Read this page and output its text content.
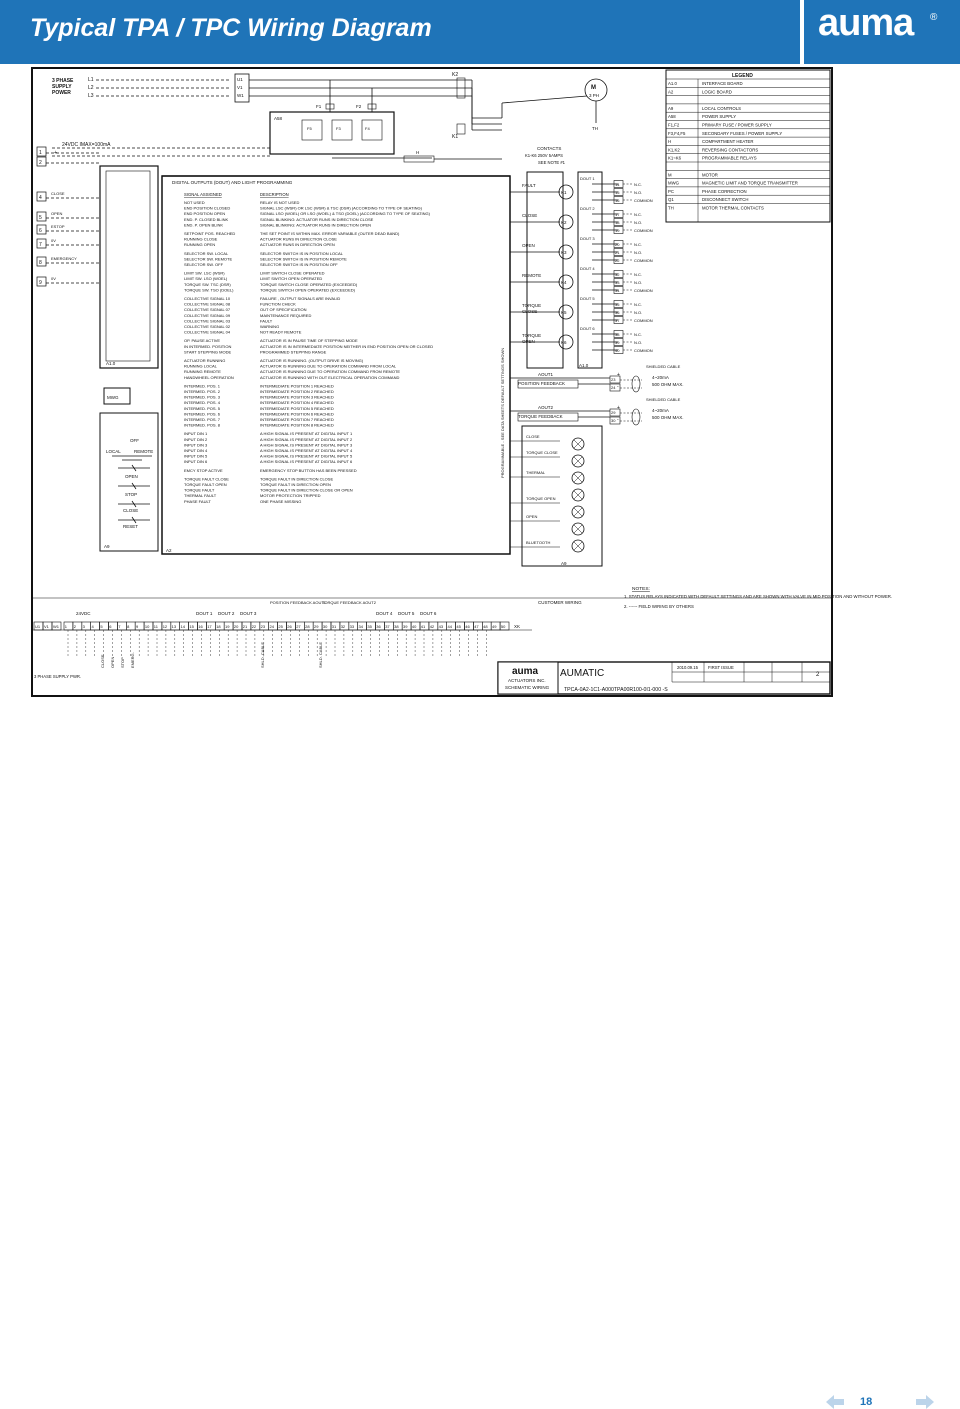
Typical TPA / TPC Wiring Diagram	auma ®
3 PHASE
SUPPLY
POWER
L1
L2
L3
U1
V1
W1
K2
K1
M
3 PH
TH
F1	F2
A58
F5	F3	F4
H
24VDC IMAX=100mA
+
1
2
4
CLOSE
5
OPEN
6
ESTOP
7
0V
8
EMERGENCY
9
0V
A1.0
MWG
OFF
LOCAL	REMOTE
OPEN
STOP
CLOSE
RESET
A9
A2
DIGITAL OUTPUTS (DOUT) AND LIGHT PROGRAMMING
SIGNAL ASSIGNED	DESCRIPTION
NOT USED	RELAY IS NOT USED
END POSITION CLOSED	SIGNAL LSC (WSR) OR LSC (WSR) & TSC (DSR) (ACCORDING TO TYPE OF SEATING)
END POSITION OPEN	SIGNAL LSO (WOEL) OR LSO (WOEL) & TSO (DOEL) (ACCORDING TO TYPE OF SEATING)
END. P. CLOSED BLINK	SIGNAL BLINKING: ACTUATOR RUNS IN DIRECTION CLOSE
END. P. OPEN BLINK	SIGNAL BLINKING: ACTUATOR RUNS IN DIRECTION OPEN
SETPOINT POS. REACHED	THE SET POINT IS WITHIN MAX. ERROR VARIABLE (OUTER DEAD BAND)
RUNNING CLOSE	ACTUATOR RUNS IN DIRECTION CLOSE
RUNNING OPEN	ACTUATOR RUNS IN DIRECTION OPEN
SELECTOR SW. LOCAL	SELECTOR SWITCH IS IN POSITION LOCAL
SELECTOR SW. REMOTE	SELECTOR SWITCH IS IN POSITION REMOTE
SELECTOR SW. OFF	SELECTOR SWITCH IS IN POSITION OFF
LIMIT SW. LSC (WSR)	LIMIT SWITCH CLOSE OPERATED
LIMIT SW. LSO (WOEL)	LIMIT SWITCH OPEN OPERATED
TORQUE SW. TSC (DSR)	TORQUE SWITCH CLOSE OPERATED (EXCEEDED)
TORQUE SW. TSO (DOEL)	TORQUE SWITCH OPEN OPERATED (EXCEEDED)
COLLECTIVE SIGNAL 10	FAILURE , OUTPUT SIGNALS ARE INVALID
COLLECTIVE SIGNAL 08	FUNCTION CHECK
COLLECTIVE SIGNAL 07	OUT OF SPECIFICATION
COLLECTIVE SIGNAL 09	MAINTENANCE REQUIRED
COLLECTIVE SIGNAL 03	FAULT
COLLECTIVE SIGNAL 02	WARNING
COLLECTIVE SIGNAL 04	NOT READY REMOTE
OP. PAUSE ACTIVE	ACTUATOR IS IN PAUSE TIME OF STEPPING MODE
IN INTERMED. POSITION	ACTUATOR IS IN INTERMEDIATE POSITION NEITHER IN END POSITION OPEN OR CLOSED
START STEPPING MODE	PROGRAMMED STEPPING RANGE
ACTUATOR RUNNING	ACTUATOR IS RUNNING. (OUTPUT DRIVE IS MOVING)
RUNNING LOCAL	ACTUATOR IS RUNNING DUE TO OPERATION COMMAND FROM LOCAL
RUNNING REMOTE	ACTUATOR IS RUNNING DUE TO OPERATION COMMAND FROM REMOTE
HANDWHEEL OPERATION	ACTUATOR IS RUNNING WITH OUT ELECTRICAL OPERATION COMMAND
INTERMED. POS. 1	INTERMEDIATE POSITION 1 REACHED
INTERMED. POS. 2	INTERMEDIATE POSITION 2 REACHED
INTERMED. POS. 3	INTERMEDIATE POSITION 3 REACHED
INTERMED. POS. 4	INTERMEDIATE POSITION 4 REACHED
INTERMED. POS. 5	INTERMEDIATE POSITION 5 REACHED
INTERMED. POS. 6	INTERMEDIATE POSITION 6 REACHED
INTERMED. POS. 7	INTERMEDIATE POSITION 7 REACHED
INTERMED. POS. 8	INTERMEDIATE POSITION 8 REACHED
INPUT DIN 1	A HIGH SIGNAL IS PRESENT AT DIGITAL INPUT 1
INPUT DIN 2	A HIGH SIGNAL IS PRESENT AT DIGITAL INPUT 2
INPUT DIN 3	A HIGH SIGNAL IS PRESENT AT DIGITAL INPUT 3
INPUT DIN 4	A HIGH SIGNAL IS PRESENT AT DIGITAL INPUT 4
INPUT DIN 5	A HIGH SIGNAL IS PRESENT AT DIGITAL INPUT 5
INPUT DIN 6	A HIGH SIGNAL IS PRESENT AT DIGITAL INPUT 6
EMCY STOP ACTIVE	EMERGENCY STOP BUTTON HAS BEEN PRESSED
TORQUE FAULT CLOSE	TORQUE FAULT IN DIRECTION CLOSE
TORQUE FAULT OPEN	TORQUE FAULT IN DIRECTION OPEN
TORQUE FAULT	TORQUE FAULT IN DIRECTION CLOSE OR OPEN
THERMAL FAULT	MOTOR PROTECTION TRIPPED
PHASE FAULT	ONE PHASE MISSING
CONTACTS
K1-K6 250V 5AMPS
SEE NOTE #1
A1.0
FAULT
K1
DOUT 1
14	N.C.
15	N.O.
16	COMMON
CLOSE
K2
DOUT 2
17	N.C.
18	N.O.
19	COMMON
OPEN
K3
DOUT 3
20	N.C.
21	N.O.
22	COMMON
REMOTE
K4
DOUT 4
32	N.C.
33	N.O.
34	COMMON
TORQUE
CLOSE	K5
DOUT 5
35	N.C.
36	N.O.
37	COMMON
TORQUE
OPEN	K6
DOUT 6
38	N.C.
39	N.O.
40	COMMON
PROGRAMMABLE - SEE DATA SHEETS DEFAULT SETTINGS SHOWN	AOUT1
POSITION FEEDBACK
+
-
23
24
SHIELDED CABLE
4~20mA
500 OHM MAX.
AOUT2
TORQUE FEEDBACK
+
-
29
30
SHIELDED CABLE
4~20mA
500 OHM MAX.
CLOSE
TORQUE CLOSE
THERMAL
TORQUE OPEN
OPEN
BLUETOOTH
A9
LEGEND
A1.0	INTERFACE BOARD
A2	LOGIC BOARD
A9	LOCAL CONTROLS
A58	POWER SUPPLY
F1,F2	PRIMARY FUSE / POWER SUPPLY
F3,F4,F5	SECONDARY FUSES / POWER SUPPLY
H	COMPARTMENT HEATER
K1,K2	REVERSING CONTACTORS
K1~K6	PROGRAMMABLE RELAYS
M	MOTOR
MWG	MAGNETIC LIMIT AND TORQUE TRANSMITTER
PC	PHASE CORRECTION
Q1	DISCONNECT SWITCH
TH	MOTOR THERMAL CONTACTS
24VDC	DOUT 1 DOUT 2 DOUT 3
POSITION FEEDBACK AOUT1
TORQUE FEEDBACK AOUT2
DOUT 4 DOUT 5 DOUT 6
CUSTOMER WIRING
U1 V1 W1 1 2 3 4 5 6 7 8 9 10 11 12 13 14 15 16 17 18 19 20 21 22 23 24 25 26 27 28 29 30 31 32 33 34 35 36 37 38 39 40 41 42 43 44 45 46 47 48 49 50 XK
3 PHASE SUPPLY PWR.
CLOSE OPEN STOP EMERG.	SHLD. CABLE	SHLD. CABLE
NOTES:
1. STATUS RELAYS INDICATED WITH DEFAULT SETTINGS AND ARE SHOWN WITH VALVE IN MID POSITION AND WITHOUT POWER.
2. ------ FIELD WIRING BY OTHERS
auma
ACTUATORS INC.
SCHEMATIC WIRING
AUMATIC
2010.09.15 FIRST ISSUE
TPCA-0A2-1C1-A000TPA00R100-0I1-000 -S
2
18
